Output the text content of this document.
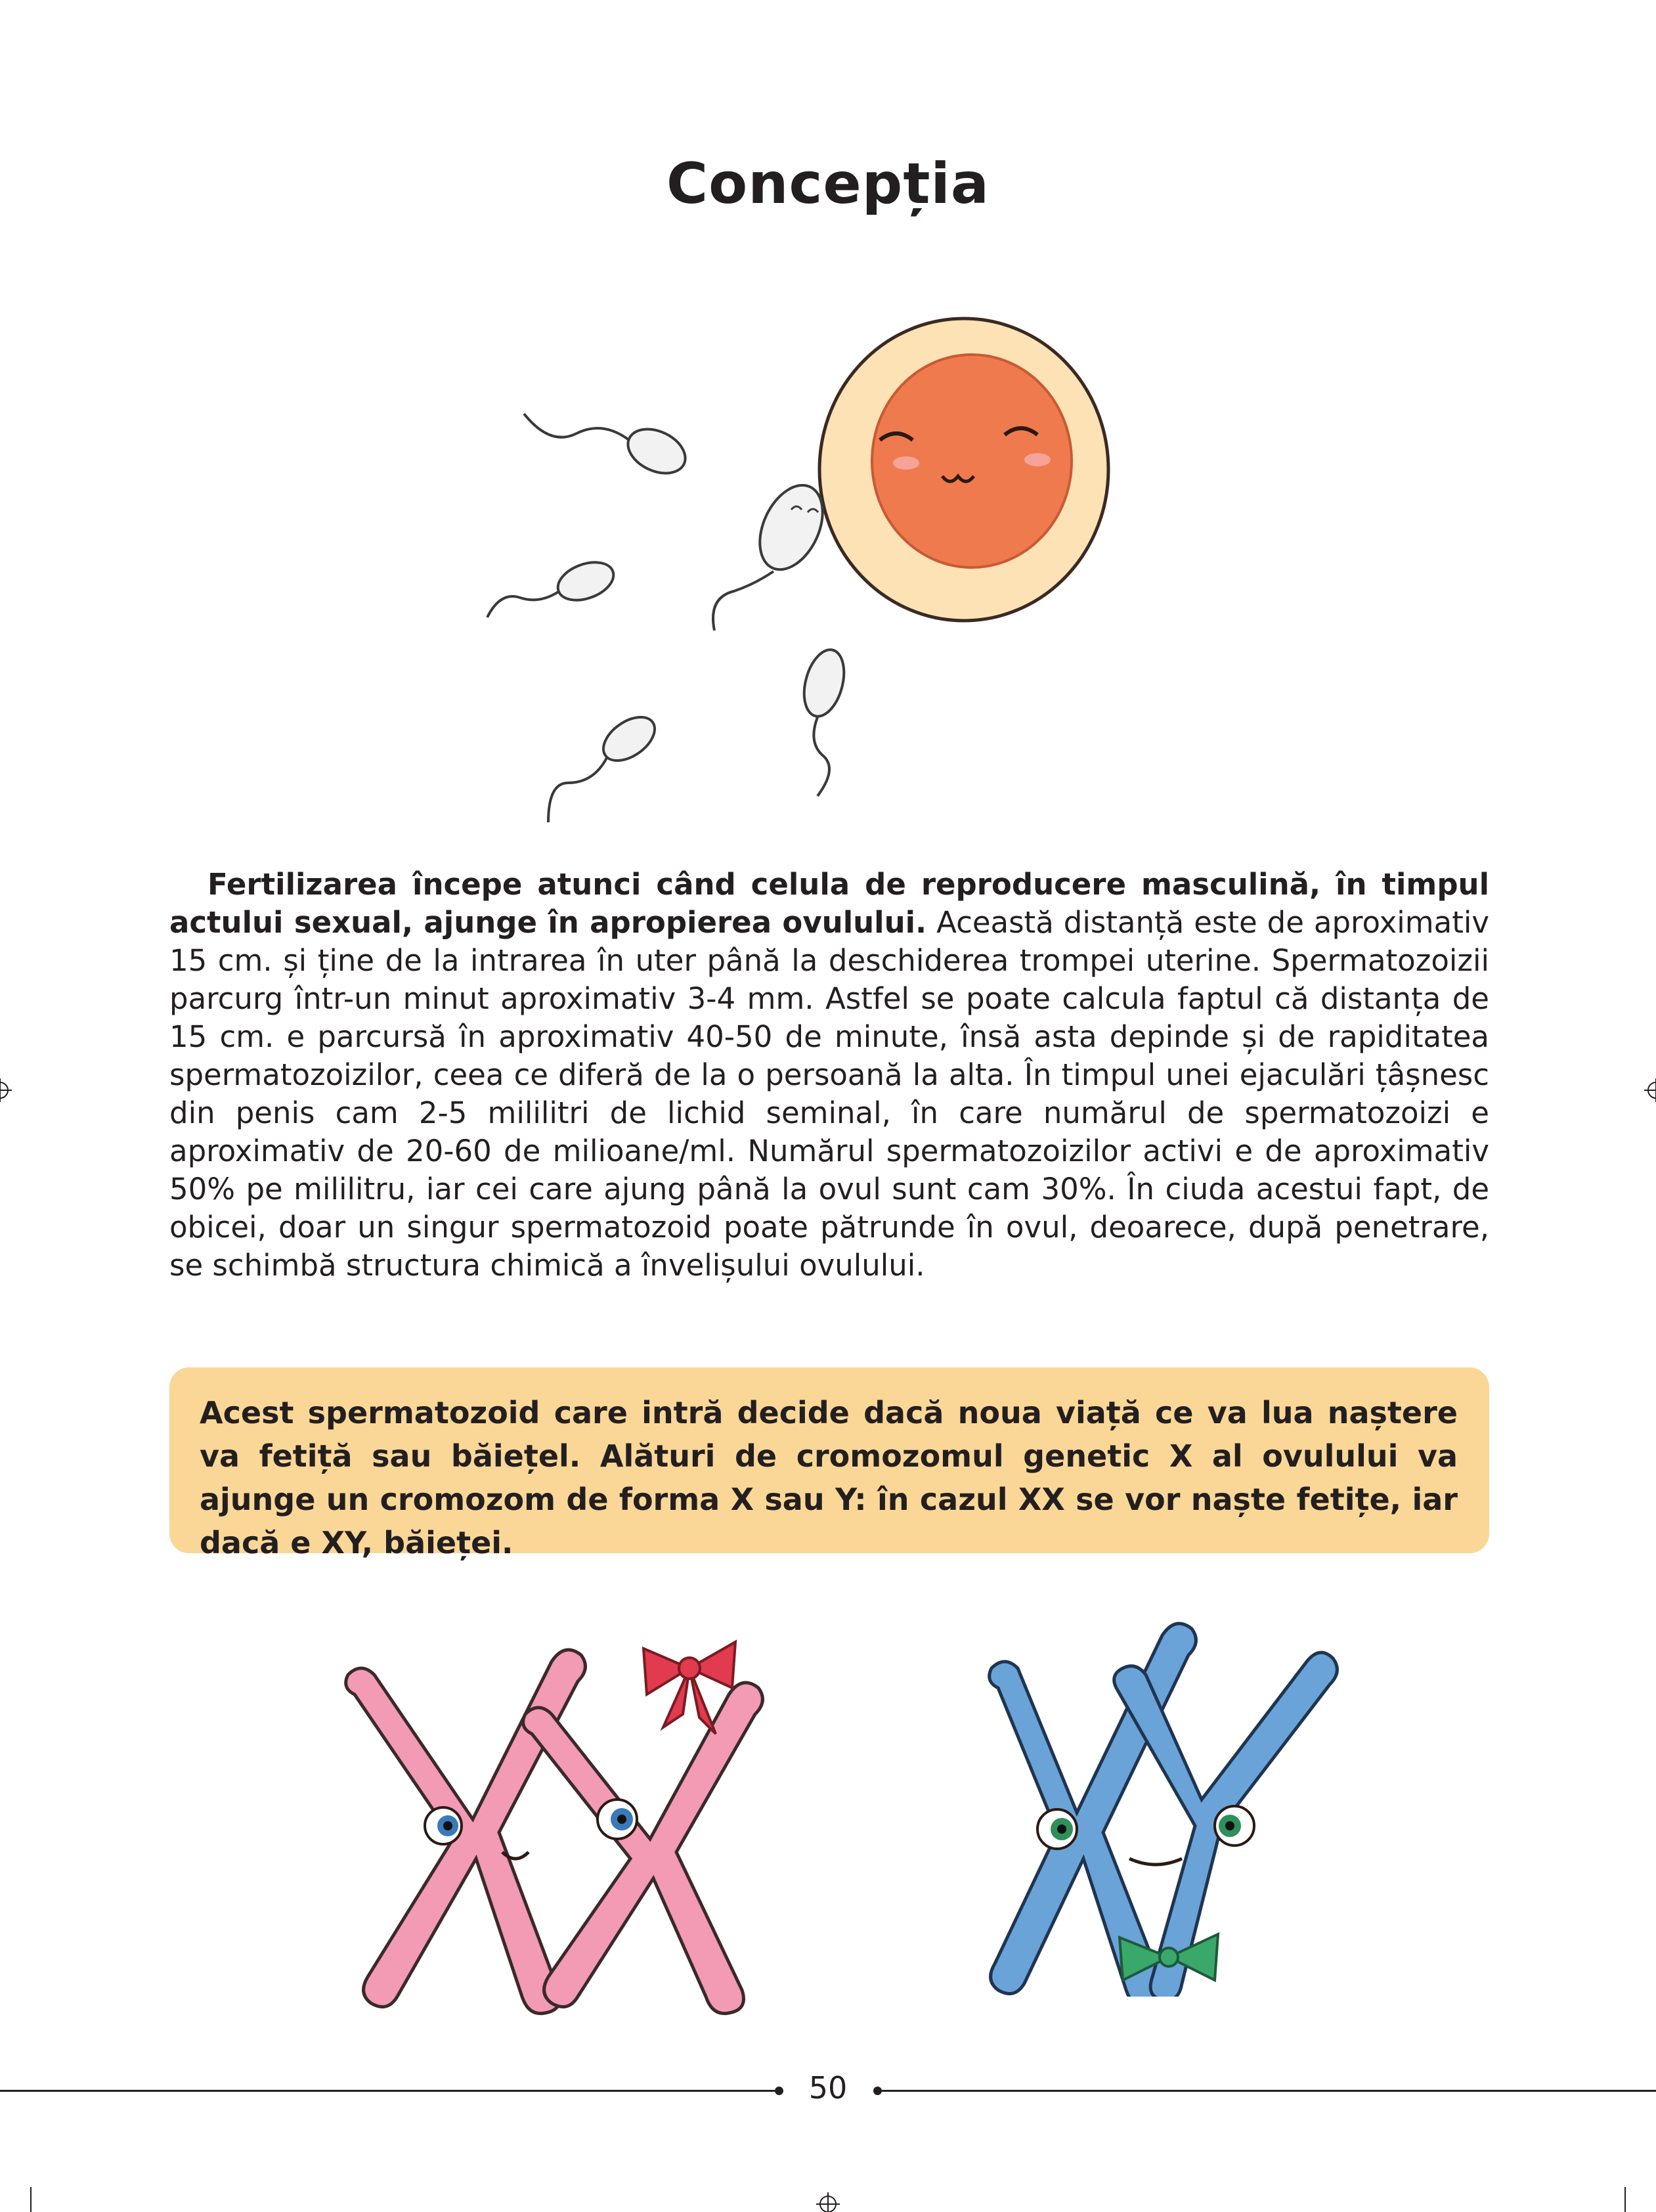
Concepția
Fertilizarea începe atunci când celula de reproducere masculină, în timpul actului sexual, ajunge în apropierea ovulului. Această distanță este de aproximativ 15 cm. și ține de la intrarea în uter până la deschiderea trompei uterine. Spermatozoizii parcurg într-un minut aproximativ 3-4 mm. Astfel se poate calcula faptul că distanța de 15 cm. e parcursă în aproximativ 40-50 de minute, însă asta depinde și de rapiditatea spermatozoizilor, ceea ce diferă de la o persoană la alta. În timpul unei ejaculări țâșnesc din penis cam 2-5 mililitri de lichid seminal, în care numărul de spermatozoizi e aproximativ de 20-60 de milioane/ml. Numărul spermatozoizilor activi e de aproximativ 50% pe mililitru, iar cei care ajung până la ovul sunt cam 30%. În ciuda acestui fapt, de obicei, doar un singur spermatozoid poate pătrunde în ovul, deoarece, după penetrare, se schimbă structura chimică a învelișului ovulului.
Acest spermatozoid care intră decide dacă noua viață ce va lua naștere va fetiță sau băiețel. Alături de cromozomul genetic X al ovulului va ajunge un cromozom de forma X sau Y: în cazul XX se vor naște fetițe, iar dacă e XY, băieței.
50
